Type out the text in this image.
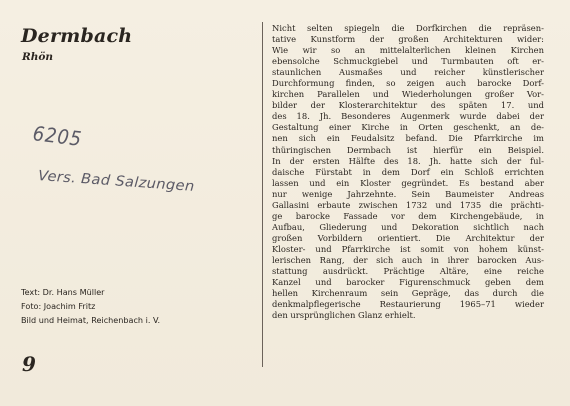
Dermbach
Rhön
6205
Vers. Bad Salzungen
Text: Dr. Hans Müller
Foto: Joachim Fritz
Bild und Heimat, Reichenbach i. V.
9
Nicht selten spiegeln die Dorfkirchen die repräsen-
tative Kunstform der großen Architekturen wider:
Wie wir so an mittelalterlichen kleinen Kirchen
ebensolche Schmuckgiebel und Turmbauten oft er-
staunlichen Ausmaßes und reicher künstlerischer
Durchformung finden, so zeigen auch barocke Dorf-
kirchen Parallelen und Wiederholungen großer Vor-
bilder der Klosterarchitektur des späten 17. und
des 18. Jh. Besonderes Augenmerk wurde dabei der
Gestaltung einer Kirche in Orten geschenkt, an de-
nen sich ein Feudalsitz befand. Die Pfarrkirche im
thüringischen Dermbach ist hierfür ein Beispiel.
In der ersten Hälfte des 18. Jh. hatte sich der ful-
daische Fürstabt in dem Dorf ein Schloß errichten
lassen und ein Kloster gegründet. Es bestand aber
nur wenige Jahrzehnte. Sein Baumeister Andreas
Gallasini erbaute zwischen 1732 und 1735 die prächti-
ge barocke Fassade vor dem Kirchengebäude, in
Aufbau, Gliederung und Dekoration sichtlich nach
großen Vorbildern orientiert. Die Architektur der
Kloster- und Pfarrkirche ist somit von hohem künst-
lerischen Rang, der sich auch in ihrer barocken Aus-
stattung ausdrückt. Prächtige Altäre, eine reiche
Kanzel und barocker Figurenschmuck geben dem
hellen Kirchenraum sein Gepräge, das durch die
denkmalpflegerische Restaurierung 1965–71 wieder
den ursprünglichen Glanz erhielt.
